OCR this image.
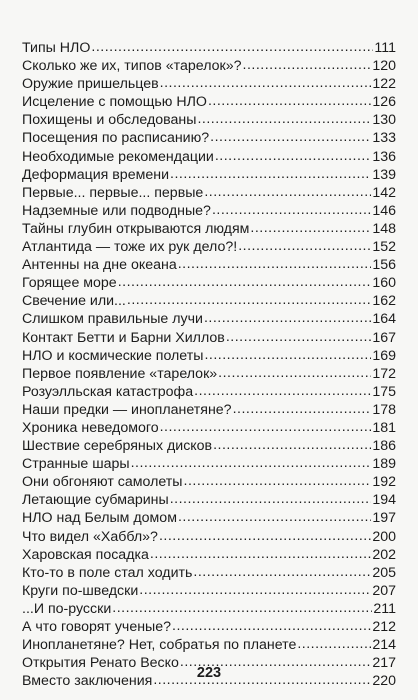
Типы НЛО .....	111
Сколько же их, типов «тарелок»? .....	120
Оружие пришельцев .....	122
Исцеление с помощью НЛО .....	126
Похищены и обследованы .....	130
Посещения по расписанию? .....	133
Необходимые рекомендации .....	136
Деформация времени .....	139
Первые... первые... первые .....	142
Надземные или подводные? .....	146
Тайны глубин открываются людям .....	148
Атлантида — тоже их рук дело?! .....	152
Антенны на дне океана .....	156
Горящее море .....	160
Свечение или... .....	162
Слишком правильные лучи .....	164
Контакт Бетти и Барни Хиллов .....	167
НЛО и космические полеты .....	169
Первое появление «тарелок» .....	172
Розуэлльская катастрофа .....	175
Наши предки — инопланетяне? .....	178
Хроника неведомого .....	181
Шествие серебряных дисков .....	186
Странные шары .....	189
Они обгоняют самолеты .....	192
Летающие субмарины .....	194
НЛО над Белым домом .....	197
Что видел «Хаббл»? .....	200
Харовская посадка .....	202
Кто-то в поле стал ходить .....	205
Круги по-шведски .....	207
...И по-русски .....	211
А что говорят ученые? .....	212
Инопланетяне? Нет, собратья по планете .....	214
Открытия Ренато Веско .....	217
Вместо заключения .....	220
223
